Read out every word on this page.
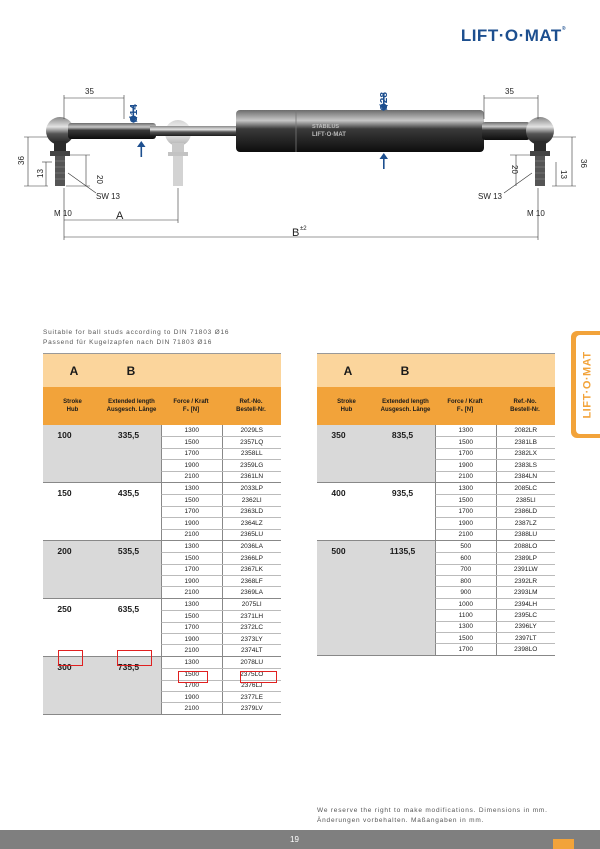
LIFT·O·MAT®
STABILUS
LIFT·O·MAT
35	35
36
13
20
36
13
20
SW 13	SW 13
M 10	M 10
A
B ±2
Ø14
Ø28
Suitable for ball studs according to DIN 71803 Ø16
Passend für Kugelzapfen nach DIN 71803 Ø16
LIFT·O·MAT
A	B
Stroke
Hub
Extended length
Ausgesch. Länge
Force / Kraft
F₁ [N]
Ref.-No.
Bestell-Nr.
100	335,5	1300	2029LS
1500	2357LQ
1700	2358LL
1900	2359LG
2100	2361LN
150	435,5	1300	2033LP
1500	2362LI
1700	2363LD
1900	2364LZ
2100	2365LU
200	535,5	1300	2036LA
1500	2366LP
1700	2367LK
1900	2368LF
2100	2369LA
250	635,5	1300	2075LI
1500	2371LH
1700	2372LC
1900	2373LY
2100	2374LT
300	735,5	1300	2078LU
1500	2375LO
1700	2376LJ
1900	2377LE
2100	2379LV
A	B
Stroke
Hub
Extended length
Ausgesch. Länge
Force / Kraft
F₁ [N]
Ref.-No.
Bestell-Nr.
350	835,5	1300	2082LR
1500	2381LB
1700	2382LX
1900	2383LS
2100	2384LN
400	935,5	1300	2085LC
1500	2385LI
1700	2386LD
1900	2387LZ
2100	2388LU
500	1135,5	500	2088LO
600	2389LP
700	2391LW
800	2392LR
900	2393LM
1000	2394LH
1100	2395LC
1300	2396LY
1500	2397LT
1700	2398LO
We reserve the right to make modifications. Dimensions in mm.
Änderungen vorbehalten. Maßangaben in mm.
19
